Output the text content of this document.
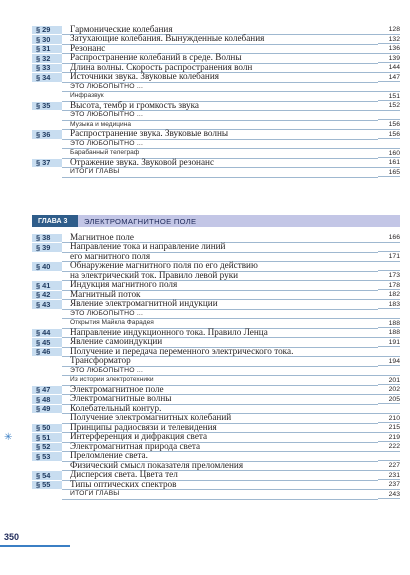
§ 29	Гармонические колебания	128
§ 30	Затухающие колебания. Вынужденные колебания	132
§ 31	Резонанс	136
§ 32	Распространение колебаний в среде. Волны	139
§ 33	Длина волны. Скорость распространения волн	144
§ 34	Источники звука. Звуковые колебания	147
ЭТО ЛЮБОПЫТНО ...
Инфразвук	151
§ 35	Высота, тембр и громкость звука	152
ЭТО ЛЮБОПЫТНО ...
Музыка и медицина	156
§ 36	Распространение звука. Звуковые волны	156
ЭТО ЛЮБОПЫТНО ...
Барабанный телеграф	160
§ 37	Отражение звука. Звуковой резонанс	161
ИТОГИ ГЛАВЫ	165
ГЛАВА 3	ЭЛЕКТРОМАГНИТНОЕ ПОЛЕ
§ 38	Магнитное поле	166
§ 39	Направление тока и направление линий
его магнитного поля	171
§ 40	Обнаружение магнитного поля по его действию
на электрический ток. Правило левой руки	173
§ 41	Индукция магнитного поля	178
§ 42	Магнитный поток	182
§ 43	Явление электромагнитной индукции	183
ЭТО ЛЮБОПЫТНО ...
Открытия Майкла Фарадея	188
§ 44	Направление индукционного тока. Правило Ленца	188
§ 45	Явление самоиндукции	191
§ 46	Получение и передача переменного электрического тока.
Трансформатор	194
ЭТО ЛЮБОПЫТНО ...
Из истории электротехники	201
§ 47	Электромагнитное поле	202
§ 48	Электромагнитные волны	205
§ 49	Колебательный контур.
Получение электромагнитных колебаний	210
§ 50	Принципы радиосвязи и телевидения	215
§ 51	Интерференция и дифракция света	219
✳
§ 52	Электромагнитная природа света	222
§ 53	Преломление света.
Физический смысл показателя преломления	227
§ 54	Дисперсия света. Цвета тел	231
§ 55	Типы оптических спектров	237
ИТОГИ ГЛАВЫ	243
350
